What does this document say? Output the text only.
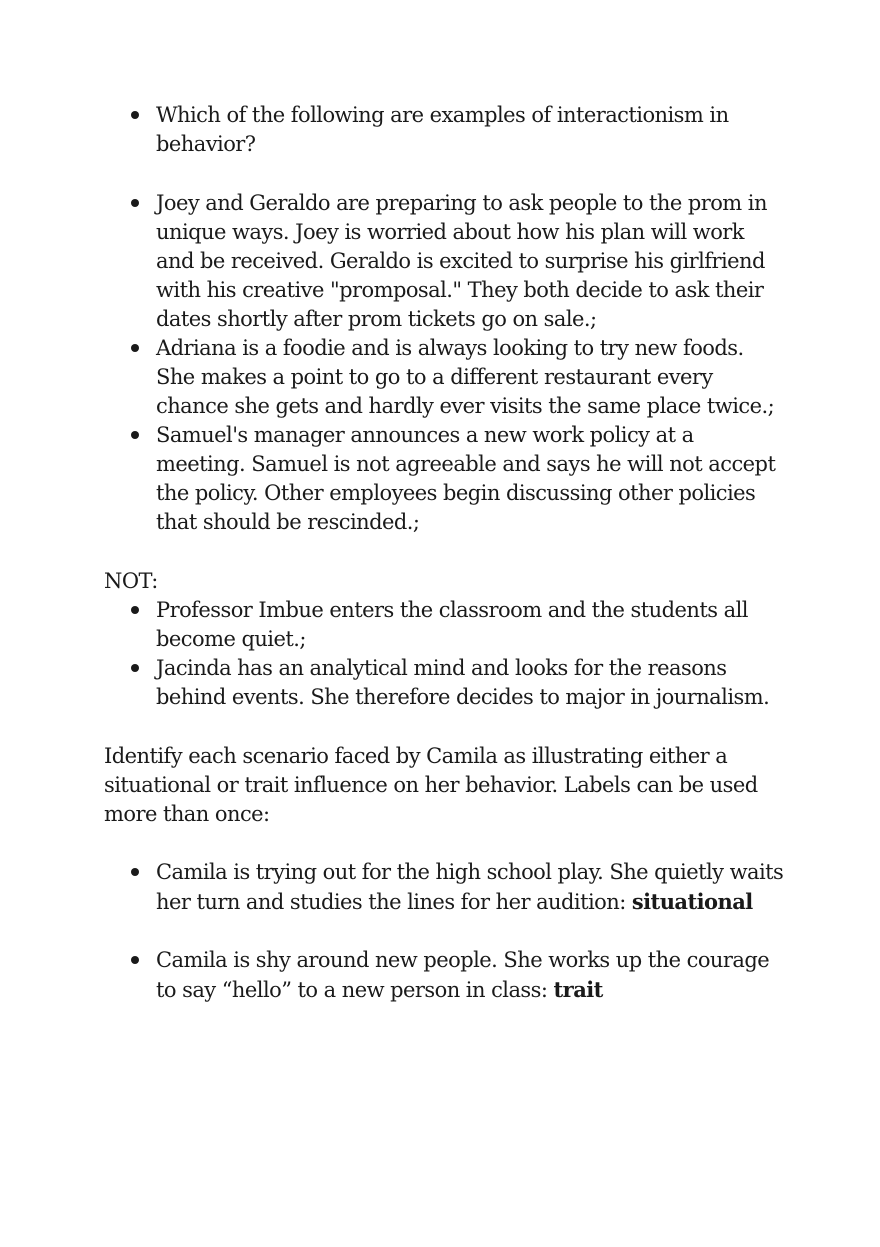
Which of the following are examples of interactionism in behavior?
Joey and Geraldo are preparing to ask people to the prom in unique ways. Joey is worried about how his plan will work and be received. Geraldo is excited to surprise his girlfriend with his creative "promposal." They both decide to ask their dates shortly after prom tickets go on sale.;
Adriana is a foodie and is always looking to try new foods. She makes a point to go to a different restaurant every chance she gets and hardly ever visits the same place twice.;
Samuel's manager announces a new work policy at a meeting. Samuel is not agreeable and says he will not accept the policy. Other employees begin discussing other policies that should be rescinded.;

NOT:

Professor Imbue enters the classroom and the students all become quiet.;
Jacinda has an analytical mind and looks for the reasons behind events. She therefore decides to major in journalism.

Identify each scenario faced by Camila as illustrating either a situational or trait influence on her behavior. Labels can be used more than once:

Camila is trying out for the high school play. She quietly waits her turn and studies the lines for her audition: situational
Camila is shy around new people. She works up the courage to say “hello” to a new person in class: trait
